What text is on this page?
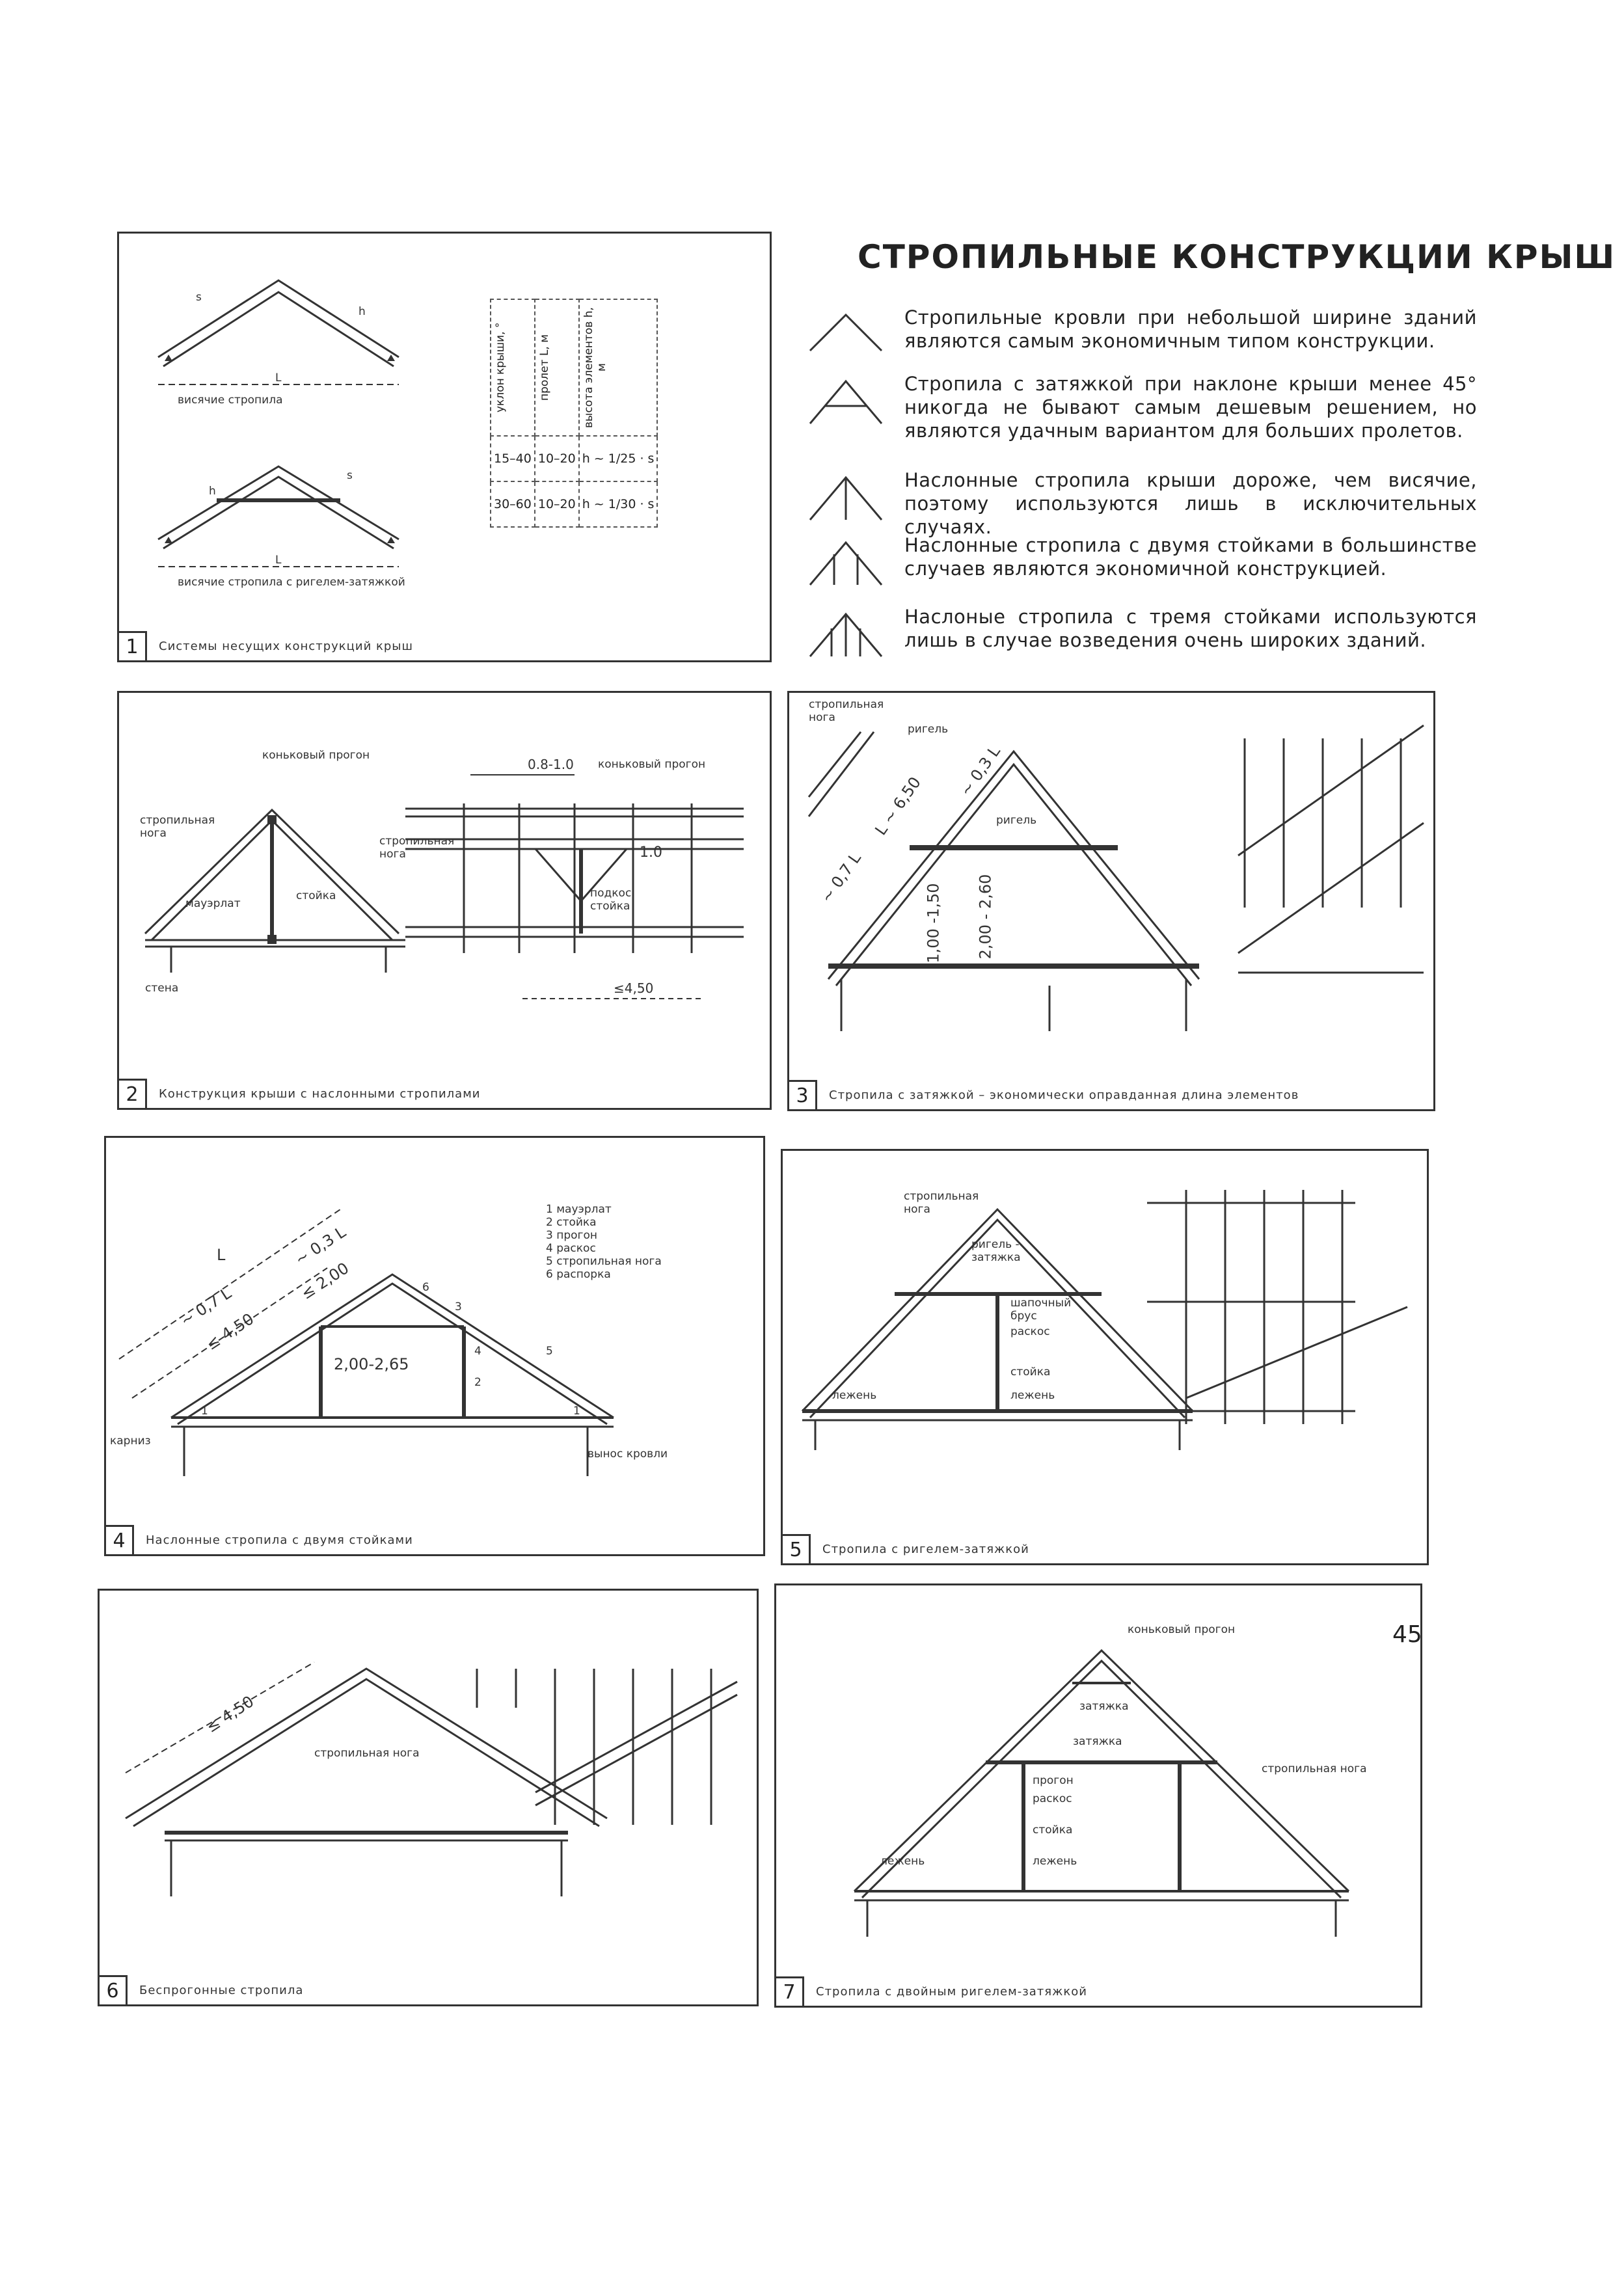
СТРОПИЛЬНЫЕ КОНСТРУКЦИИ КРЫШ

Стропильные кровли при небольшой ширине зданий являются самым экономичным типом конструкции.

Стропила с затяжкой при наклоне крыши менее 45° никогда не бывают самым дешевым решением, но являются удачным вариантом для больших пролетов.

Наслонные стропила крыши дороже, чем висячие, поэтому используются лишь в исключительных случаях.

Наслонные стропила с двумя стойками в большинстве случаев являются экономичной конструкцией.

Наслоные стропила с тремя стойками используются лишь в случае возведения очень широких зданий.

s
h
L
висячие стропила
h
s
L
висячие стропила с ригелем-затяжкой
уклон крыши, °	пролет L, м	высота элементов h, м

15–40	10–20	h ~ 1/25 · s
30–60	10–20	h ~ 1/30 · s
1	Системы несущих конструкций крыш
коньковый прогон
стропильная нога
мауэрлат
стойка
стена
0.8-1.0 коньковый прогон
стропильная нога	1.0
подкос
стойка
≤4,50
2	Конструкция крыши с наслонными стропилами
стропильная нога
ригель
ригель
L ~ 6,50
~ 0,3 L
~ 0,7 L
1,00 -1,50 2,00 - 2,60
3	Стропила с затяжкой – экономически оправданная длина элементов
1 мауэрлат
2 стойка
3 прогон
4 раскос
5 стропильная нога
6 распорка
L	~ 0,3 L
≤ 2,00
~ 0,7 L
≤ 4,50
2,00-2,65
6
3
4
2
5
1	1
карниз
вынос кровли
4	Наслонные стропила с двумя стойками
стропильная нога
ригель - затяжка
шапочный брус
раскос
стойка
лежень	лежень
5	Стропила с ригелем-затяжкой
стропильная нога
≤ 4,50
6	Беспрогонные стропила
коньковый прогон
затяжка
затяжка
прогон
раскос
стойка
лежень	лежень
стропильная нога
7	Стропила с двойным ригелем-затяжкой
45
